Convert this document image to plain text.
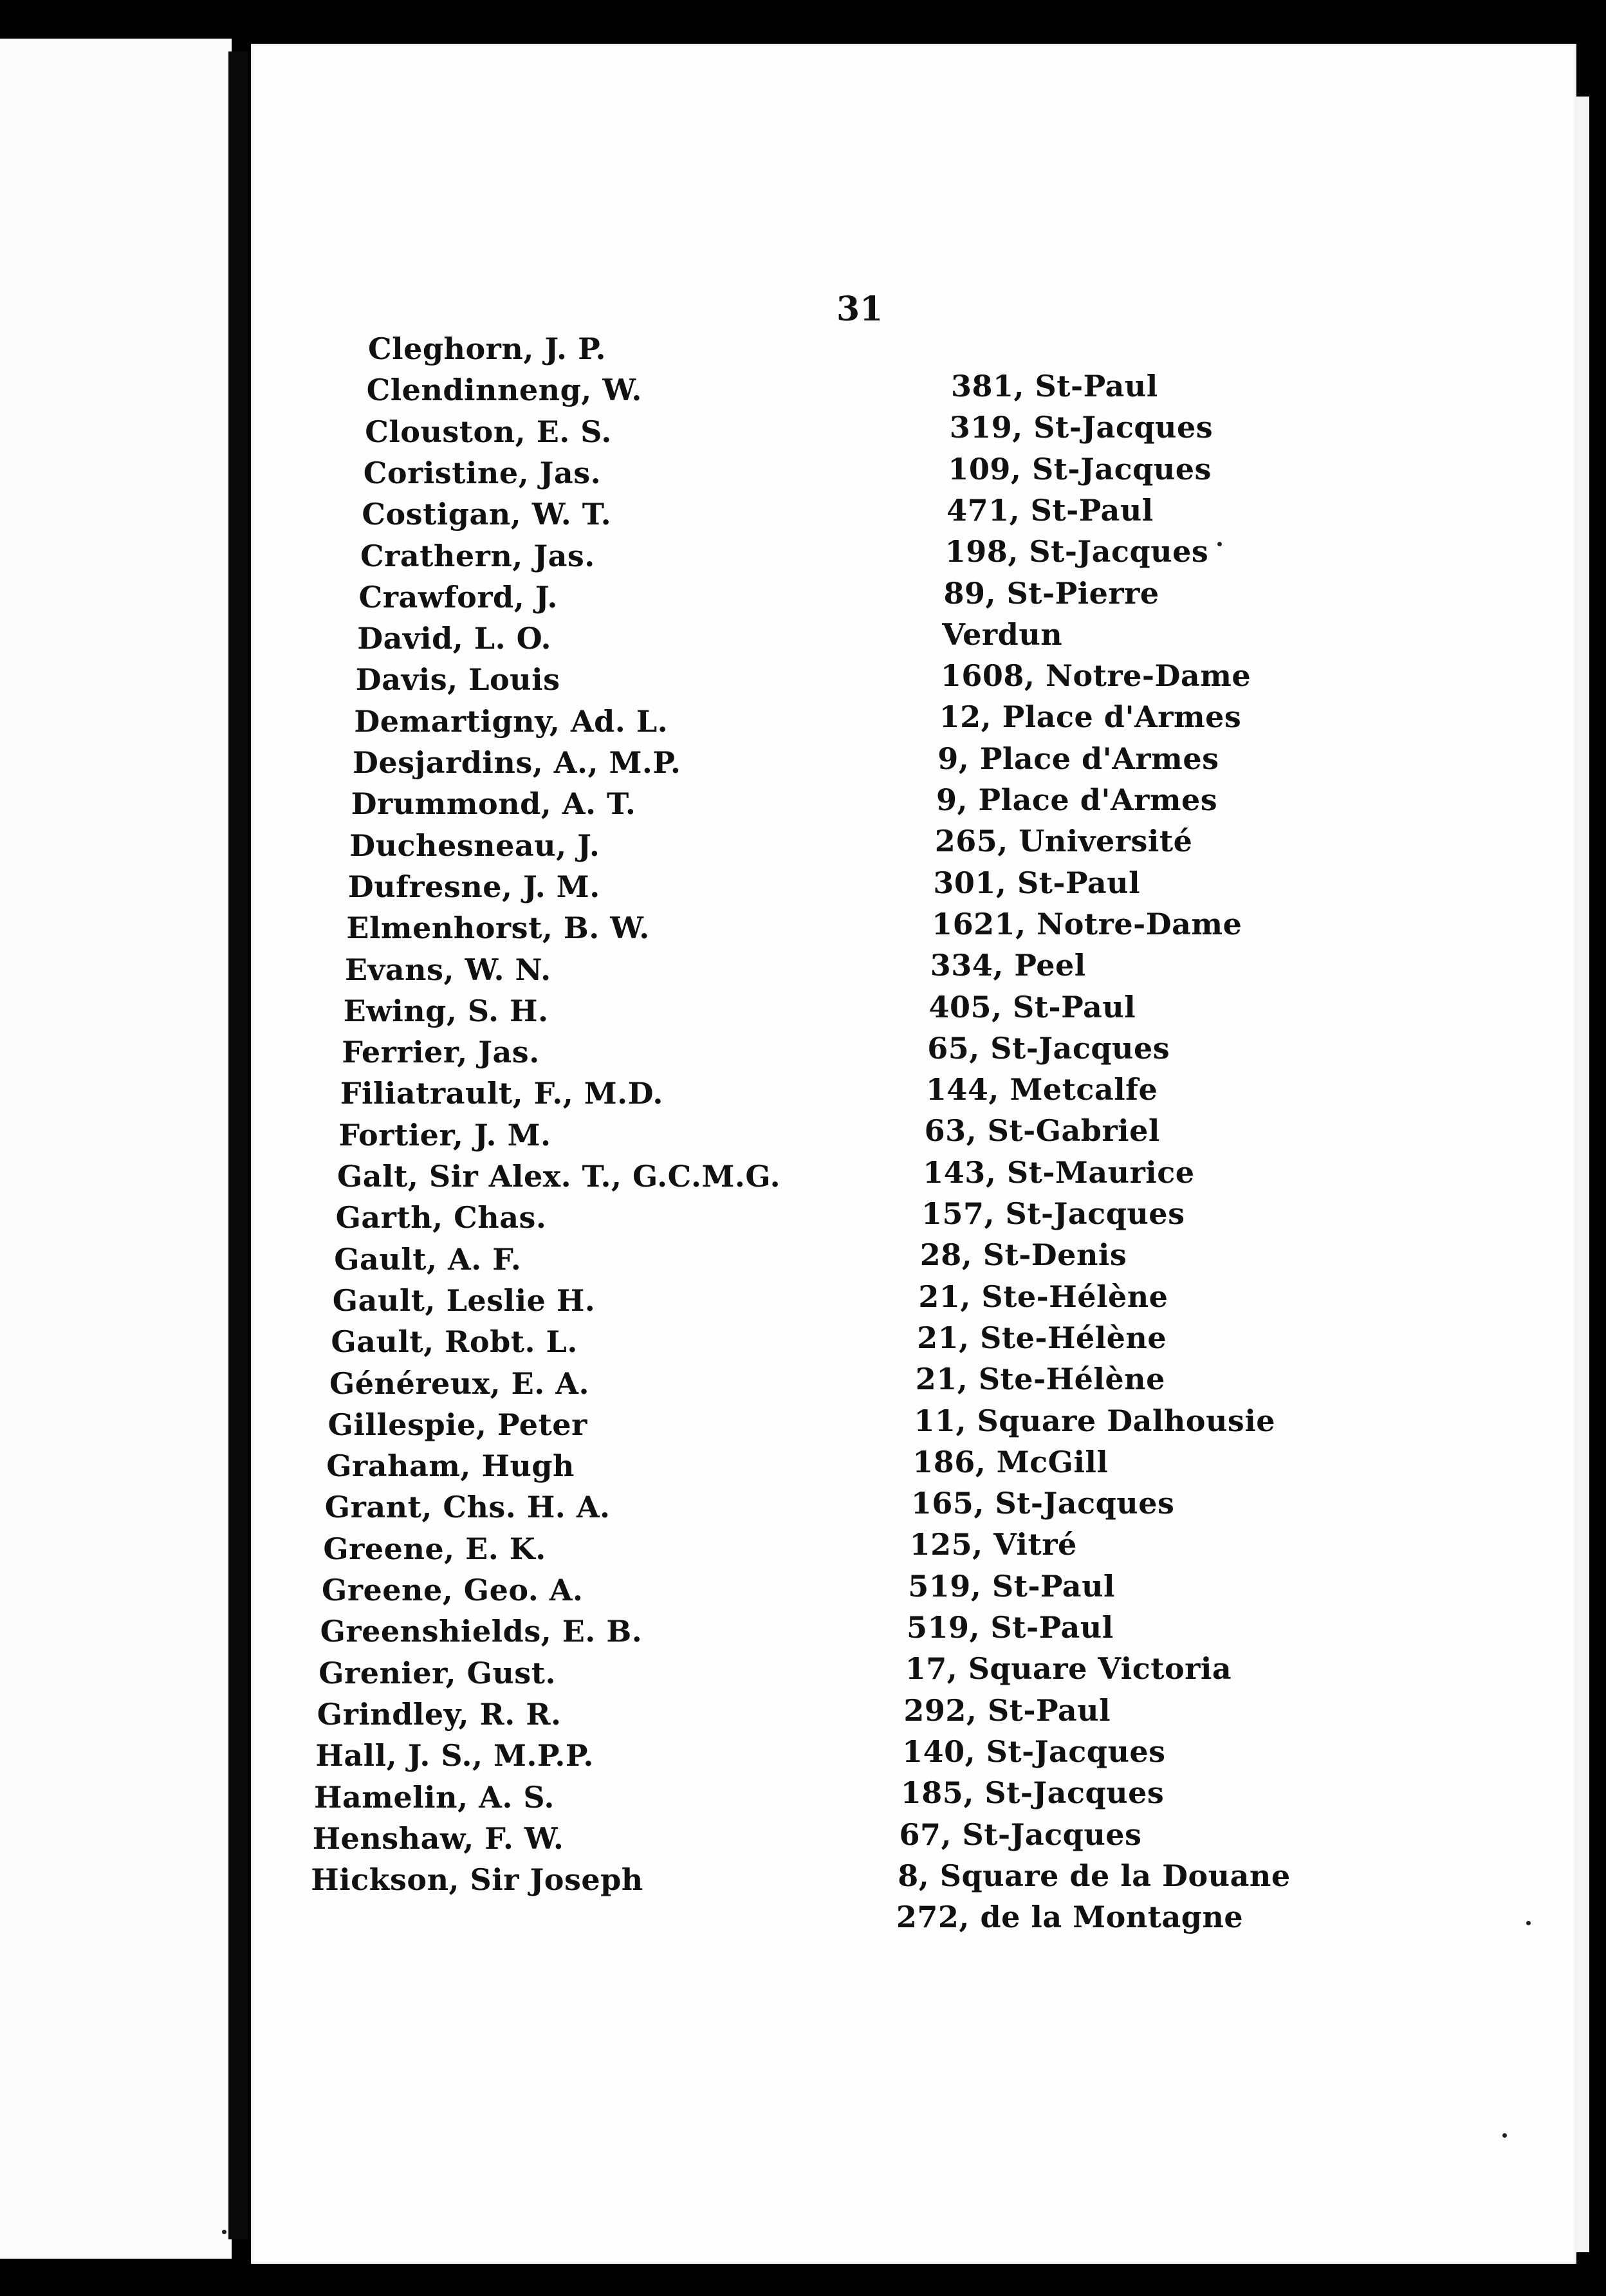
31
Cleghorn, J. P.
Clendinneng, W.
Clouston, E. S.
Coristine, Jas.
Costigan, W. T.
Crathern, Jas.
Crawford, J.
David, L. O.
Davis, Louis
Demartigny, Ad. L.
Desjardins, A., M.P.
Drummond, A. T.
Duchesneau, J.
Dufresne, J. M.
Elmenhorst, B. W.
Evans, W. N.
Ewing, S. H.
Ferrier, Jas.
Filiatrault, F., M.D.
Fortier, J. M.
Galt, Sir Alex. T., G.C.M.G.
Garth, Chas.
Gault, A. F.
Gault, Leslie H.
Gault, Robt. L.
Généreux, E. A.
Gillespie, Peter
Graham, Hugh
Grant, Chs. H. A.
Greene, E. K.
Greene, Geo. A.
Greenshields, E. B.
Grenier, Gust.
Grindley, R. R.
Hall, J. S., M.P.P.
Hamelin, A. S.
Henshaw, F. W.
Hickson, Sir Joseph
381, St-Paul
319, St-Jacques
109, St-Jacques
471, St-Paul
198, St-Jacques
89, St-Pierre
Verdun
1608, Notre-Dame
12, Place d'Armes
9, Place d'Armes
9, Place d'Armes
265, Université
301, St-Paul
1621, Notre-Dame
334, Peel
405, St-Paul
65, St-Jacques
144, Metcalfe
63, St-Gabriel
143, St-Maurice
157, St-Jacques
28, St-Denis
21, Ste-Hélène
21, Ste-Hélène
21, Ste-Hélène
11, Square Dalhousie
186, McGill
165, St-Jacques
125, Vitré
519, St-Paul
519, St-Paul
17, Square Victoria
292, St-Paul
140, St-Jacques
185, St-Jacques
67, St-Jacques
8, Square de la Douane
272, de la Montagne
